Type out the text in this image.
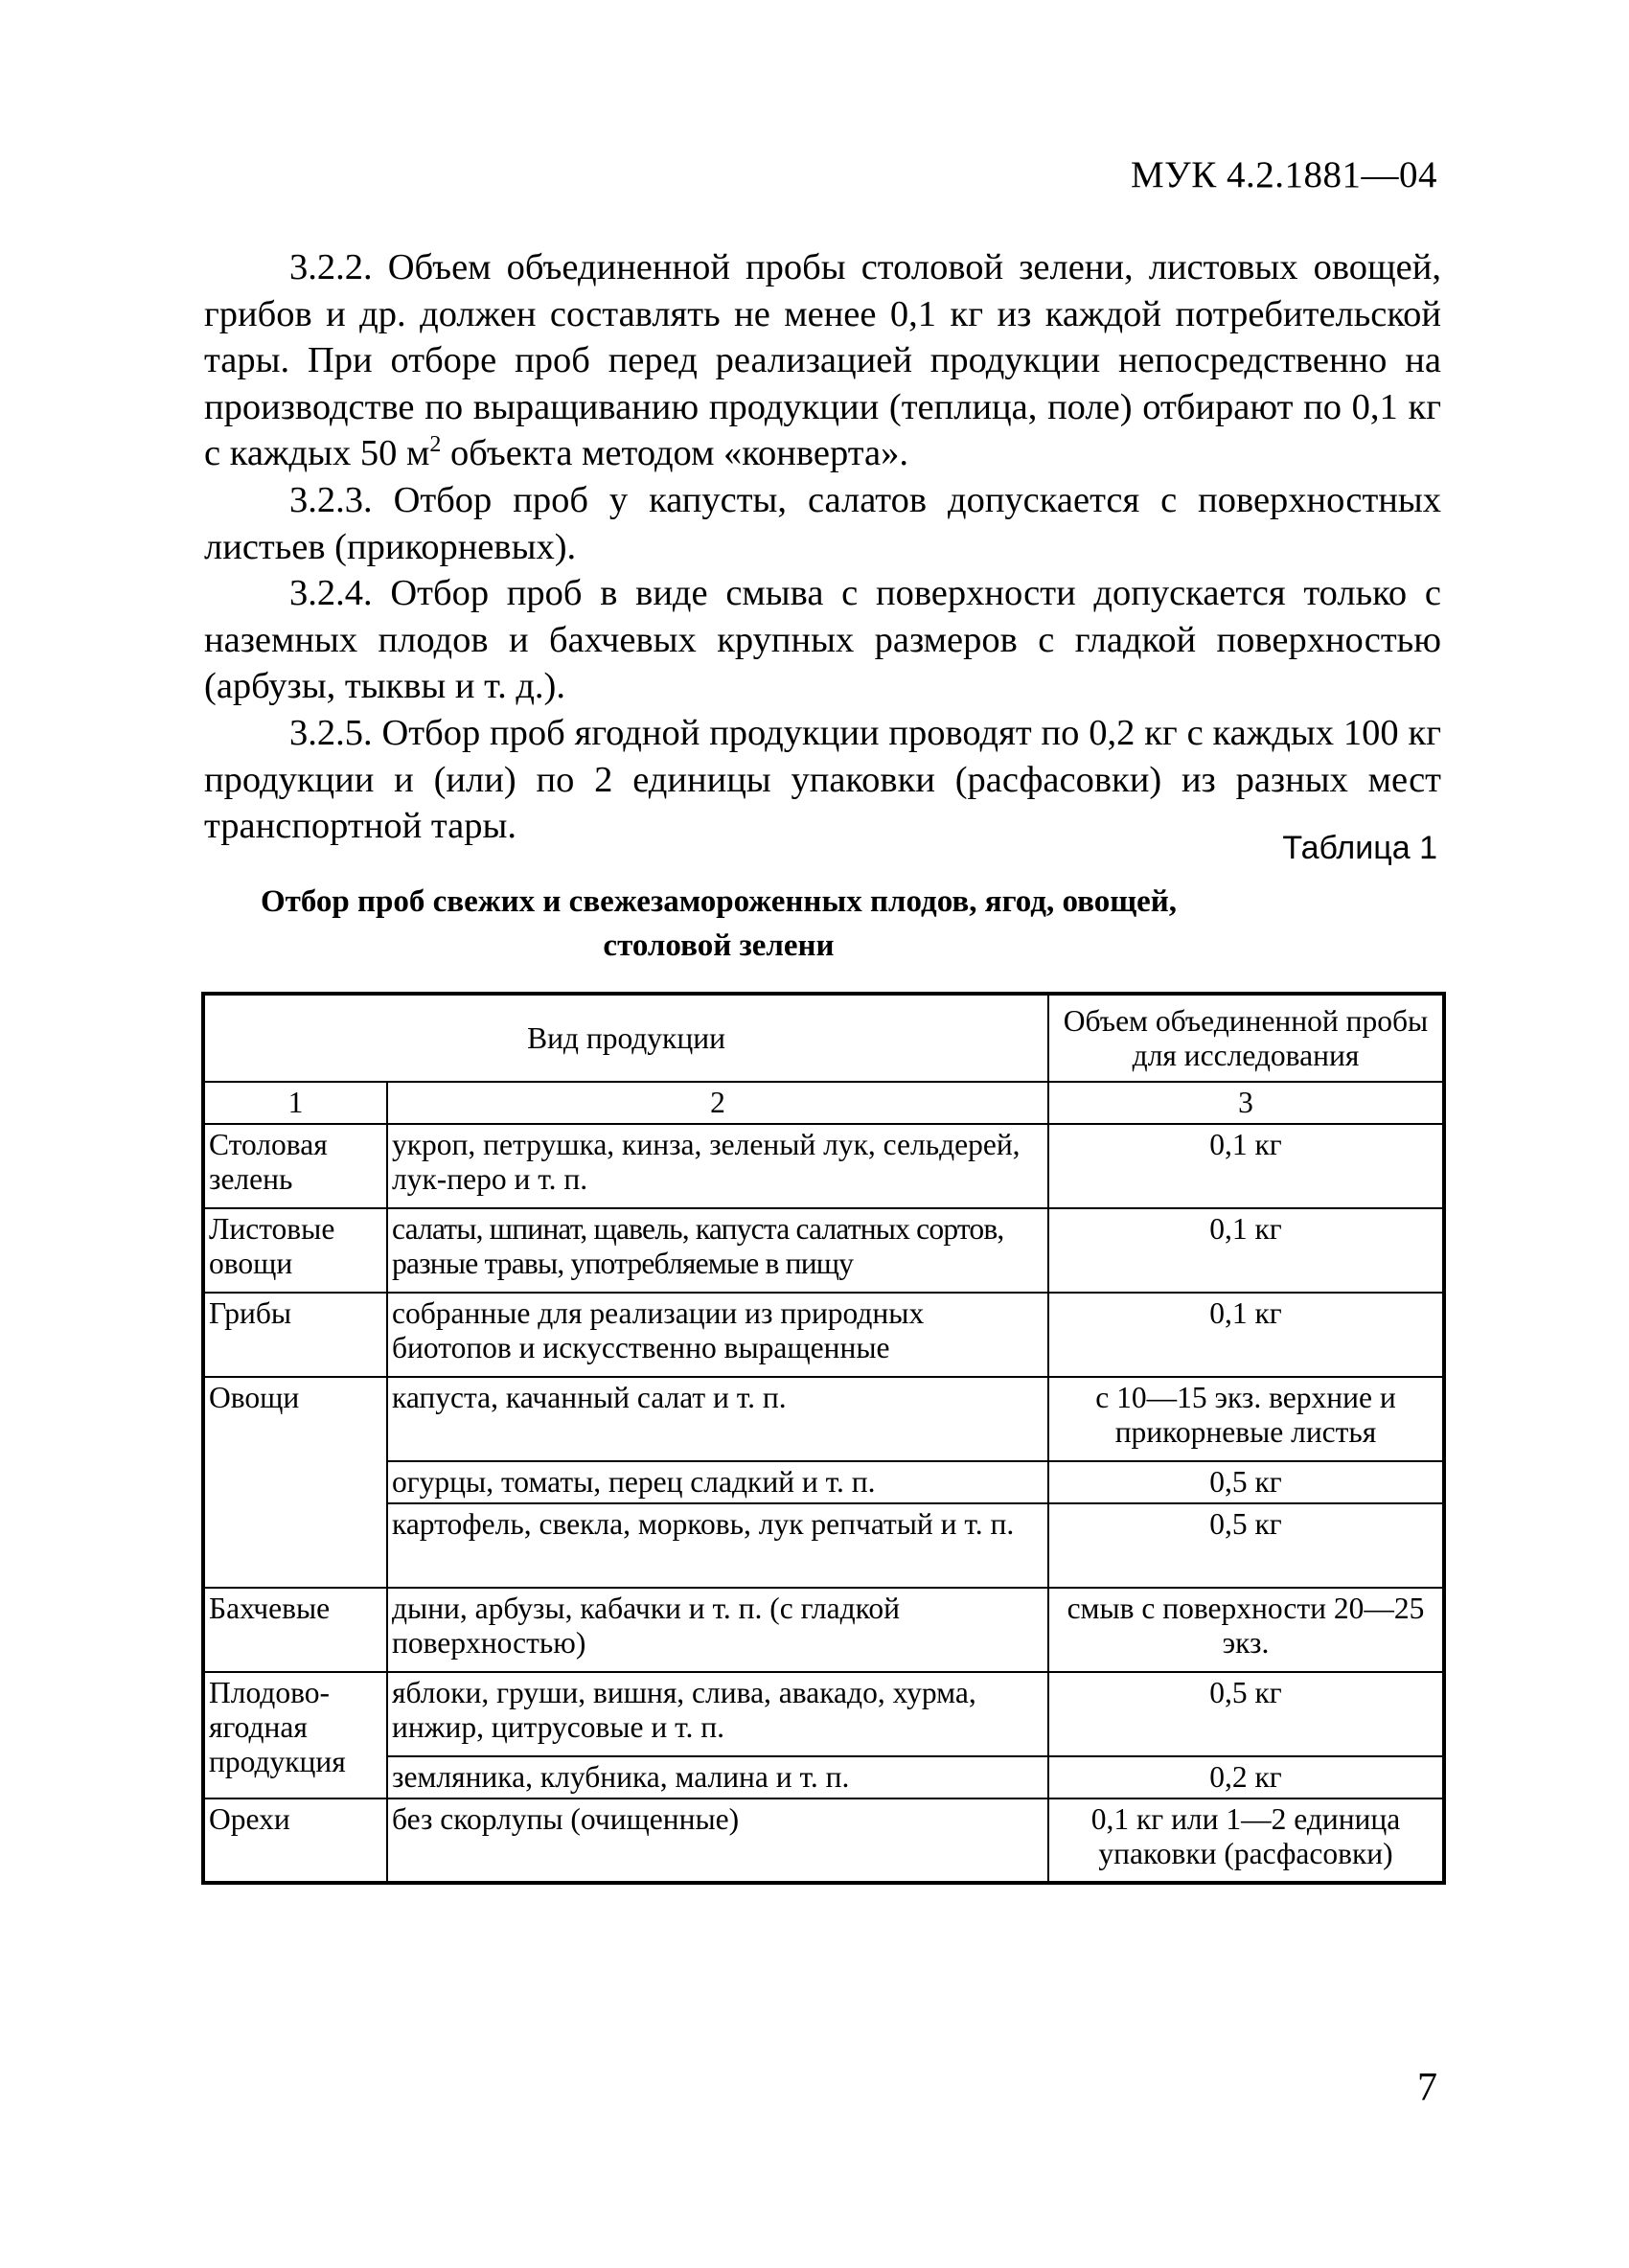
МУК 4.2.1881—04

3.2.2. Объем объединенной пробы столовой зелени, листовых овощей, грибов и др. должен составлять не менее 0,1 кг из каждой потребительской тары. При отборе проб перед реализацией продукции непосредственно на производстве по выращиванию продукции (теплица, поле) отбирают по 0,1 кг с каждых 50 $м^2$ объекта методом «конверта».

3.2.3. Отбор проб у капусты, салатов допускается с поверхностных листьев (прикорневых).

3.2.4. Отбор проб в виде смыва с поверхности допускается только с наземных плодов и бахчевых крупных размеров с гладкой поверхностью (арбузы, тыквы и т. д.).

3.2.5. Отбор проб ягодной продукции проводят по 0,2 кг с каждых 100 кг продукции и (или) по 2 единицы упаковки (расфасовки) из разных мест транспортной тары.

Таблица 1
Отбор проб свежих и свежезамороженных плодов, ягод, овощей,
столовой зелени
Вид продукции		Объем объединенной пробы для исследования
1	2	3
Столовая зелень	укроп, петрушка, кинза, зеленый лук, сельдерей, лук-перо и т. п.	0,1 кг
Листовые овощи	салаты, шпинат, щавель, капуста салатных сортов, разные травы, употребляемые в пищу	0,1 кг
Грибы	собранные для реализации из природных биотопов и искусственно выращенные	0,1 кг
Овощи	капуста, качанный салат и т. п.	с 10—15 экз. верхние и прикорневые листья
	огурцы, томаты, перец сладкий и т. п.	0,5 кг
	картофель, свекла, морковь, лук репчатый и т. п.	0,5 кг
Бахчевые	дыни, арбузы, кабачки и т. п. (с гладкой поверхностью)	смыв с поверхности 20—25 экз.
Плодово-ягодная продукция	яблоки, груши, вишня, слива, авакадо, хурма, инжир, цитрусовые и т. п.	0,5 кг
	земляника, клубника, малина и т. п.	0,2 кг
Орехи	без скорлупы (очищенные)	0,1 кг или 1—2 единица упаковки (расфасовки)
7
